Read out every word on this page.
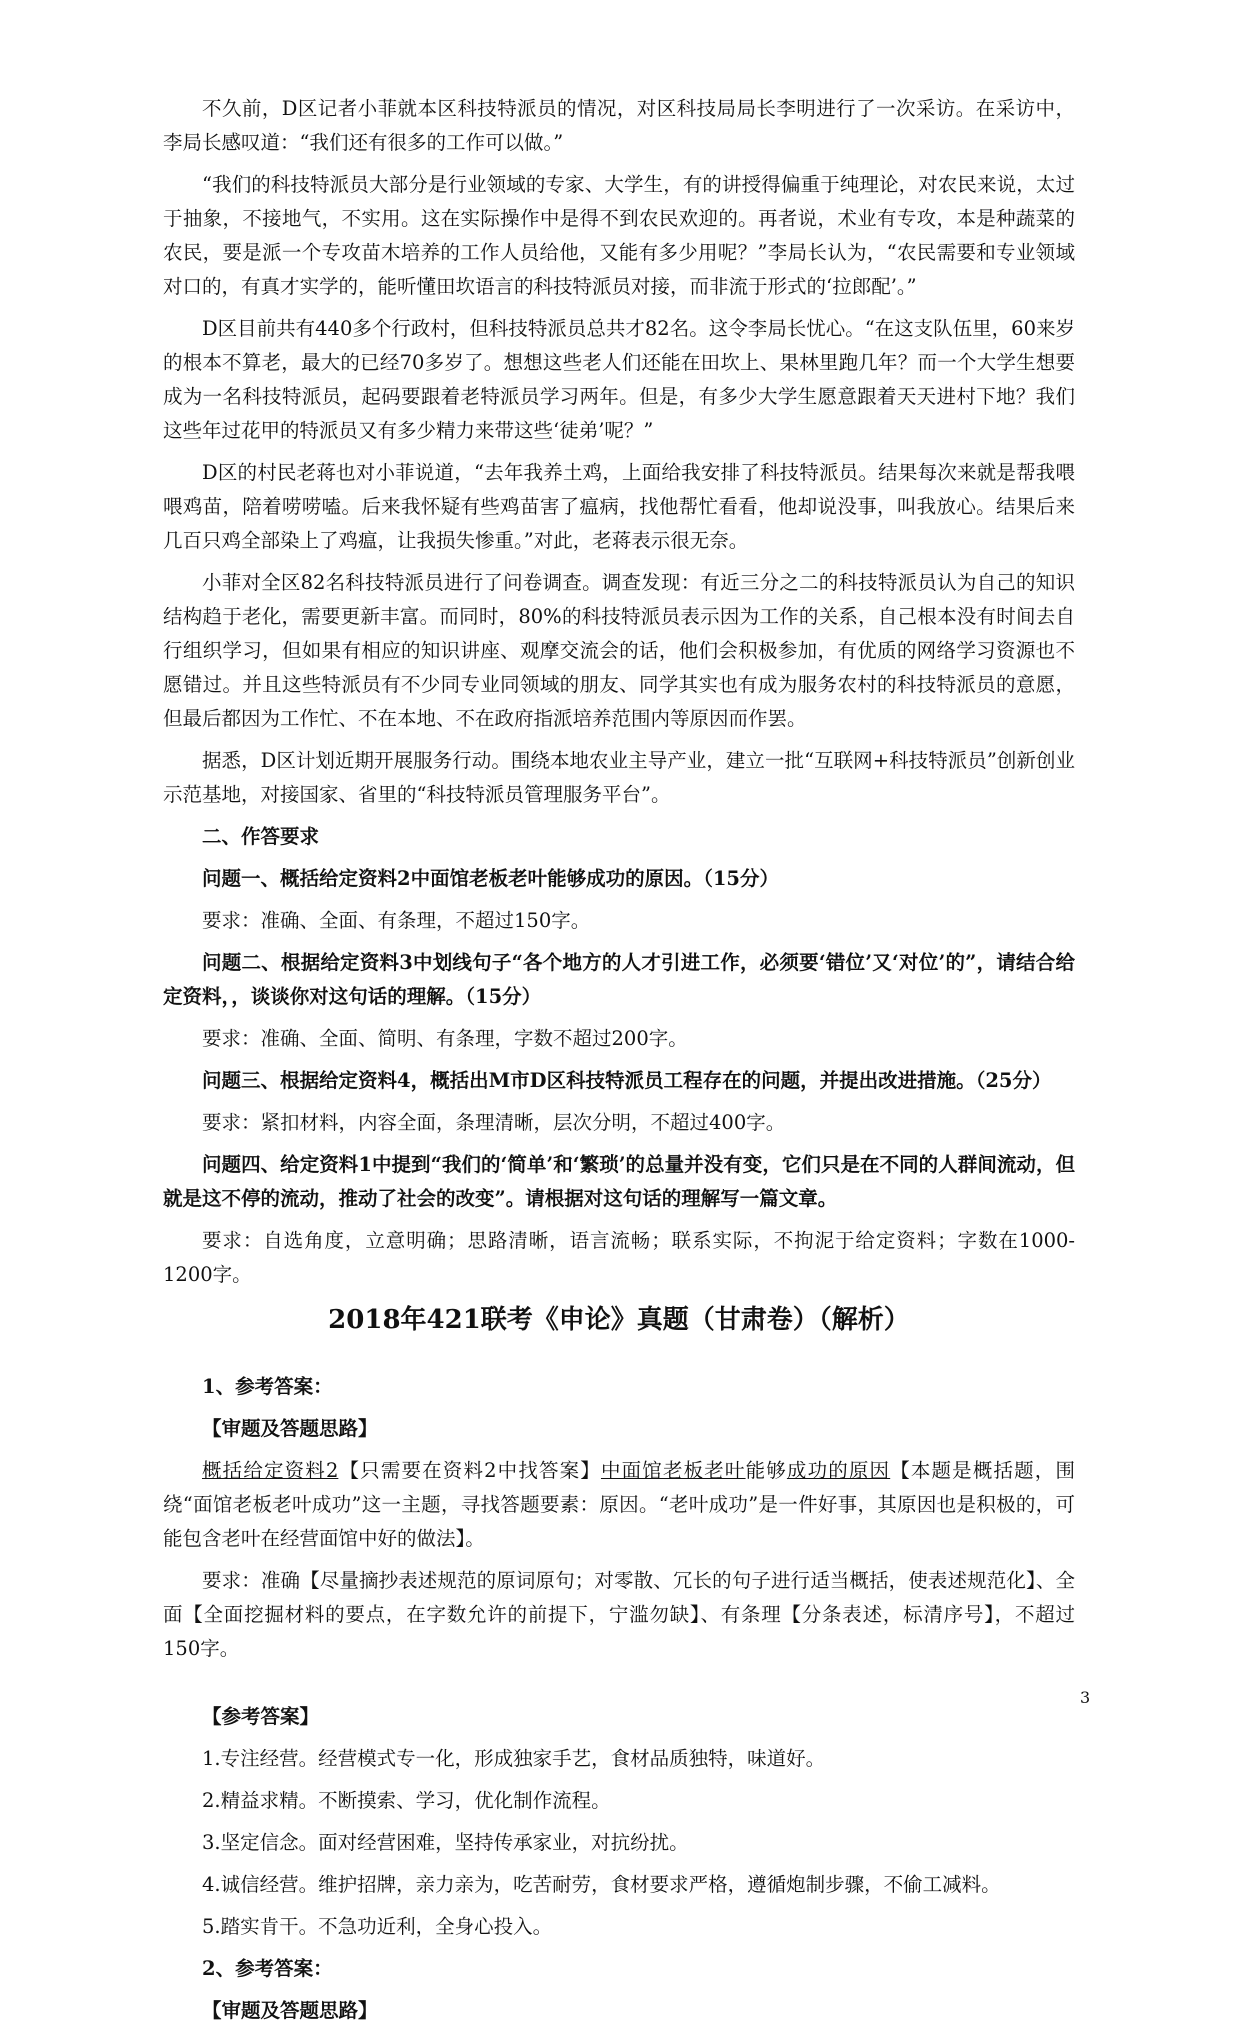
不久前，D区记者小菲就本区科技特派员的情况，对区科技局局长李明进行了一次采访。在采访中，李局长感叹道：“我们还有很多的工作可以做。”

“我们的科技特派员大部分是行业领域的专家、大学生，有的讲授得偏重于纯理论，对农民来说，太过于抽象，不接地气，不实用。这在实际操作中是得不到农民欢迎的。再者说，术业有专攻，本是种蔬菜的农民，要是派一个专攻苗木培养的工作人员给他，又能有多少用呢？”李局长认为，“农民需要和专业领域对口的，有真才实学的，能听懂田坎语言的科技特派员对接，而非流于形式的‘拉郎配’。”

D区目前共有440多个行政村，但科技特派员总共才82名。这令李局长忧心。“在这支队伍里，60来岁的根本不算老，最大的已经70多岁了。想想这些老人们还能在田坎上、果林里跑几年？而一个大学生想要成为一名科技特派员，起码要跟着老特派员学习两年。但是，有多少大学生愿意跟着天天进村下地？我们这些年过花甲的特派员又有多少精力来带这些‘徒弟’呢？”

D区的村民老蒋也对小菲说道，“去年我养土鸡，上面给我安排了科技特派员。结果每次来就是帮我喂喂鸡苗，陪着唠唠嗑。后来我怀疑有些鸡苗害了瘟病，找他帮忙看看，他却说没事，叫我放心。结果后来几百只鸡全部染上了鸡瘟，让我损失惨重。”对此，老蒋表示很无奈。

小菲对全区82名科技特派员进行了问卷调查。调查发现：有近三分之二的科技特派员认为自己的知识结构趋于老化，需要更新丰富。而同时，80%的科技特派员表示因为工作的关系，自己根本没有时间去自行组织学习，但如果有相应的知识讲座、观摩交流会的话，他们会积极参加，有优质的网络学习资源也不愿错过。并且这些特派员有不少同专业同领域的朋友、同学其实也有成为服务农村的科技特派员的意愿，但最后都因为工作忙、不在本地、不在政府指派培养范围内等原因而作罢。

据悉，D区计划近期开展服务行动。围绕本地农业主导产业，建立一批“互联网+科技特派员”创新创业示范基地，对接国家、省里的“科技特派员管理服务平台”。

二、作答要求

问题一、概括给定资料2中面馆老板老叶能够成功的原因。（15分）

要求：准确、全面、有条理，不超过150字。

问题二、根据给定资料3中划线句子“各个地方的人才引进工作，必须要‘错位’又‘对位’的”，请结合给定资料，，谈谈你对这句话的理解。（15分）

要求：准确、全面、简明、有条理，字数不超过200字。

问题三、根据给定资料4，概括出M市D区科技特派员工程存在的问题，并提出改进措施。（25分）

要求：紧扣材料，内容全面，条理清晰，层次分明，不超过400字。

问题四、给定资料1中提到“我们的‘简单’和‘繁琐’的总量并没有变，它们只是在不同的人群间流动，但就是这不停的流动，推动了社会的改变”。请根据对这句话的理解写一篇文章。

要求：自选角度，立意明确；思路清晰，语言流畅；联系实际，不拘泥于给定资料；字数在1000-1200字。

2018年421联考《申论》真题（甘肃卷）（解析）

1、参考答案：

【审题及答题思路】

概括给定资料2【只需要在资料2中找答案】中面馆老板老叶能够成功的原因【本题是概括题，围绕“面馆老板老叶成功”这一主题，寻找答题要素：原因。“老叶成功”是一件好事，其原因也是积极的，可能包含老叶在经营面馆中好的做法】。

要求：准确【尽量摘抄表述规范的原词原句；对零散、冗长的句子进行适当概括，使表述规范化】、全面【全面挖掘材料的要点，在字数允许的前提下，宁滥勿缺】、有条理【分条表述，标清序号】，不超过150字。

【参考答案】

1.专注经营。经营模式专一化，形成独家手艺，食材品质独特，味道好。

2.精益求精。不断摸索、学习，优化制作流程。

3.坚定信念。面对经营困难，坚持传承家业，对抗纷扰。

4.诚信经营。维护招牌，亲力亲为，吃苦耐劳，食材要求严格，遵循炮制步骤，不偷工减料。

5.踏实肯干。不急功近利，全身心投入。

2、参考答案：

【审题及答题思路】

3
